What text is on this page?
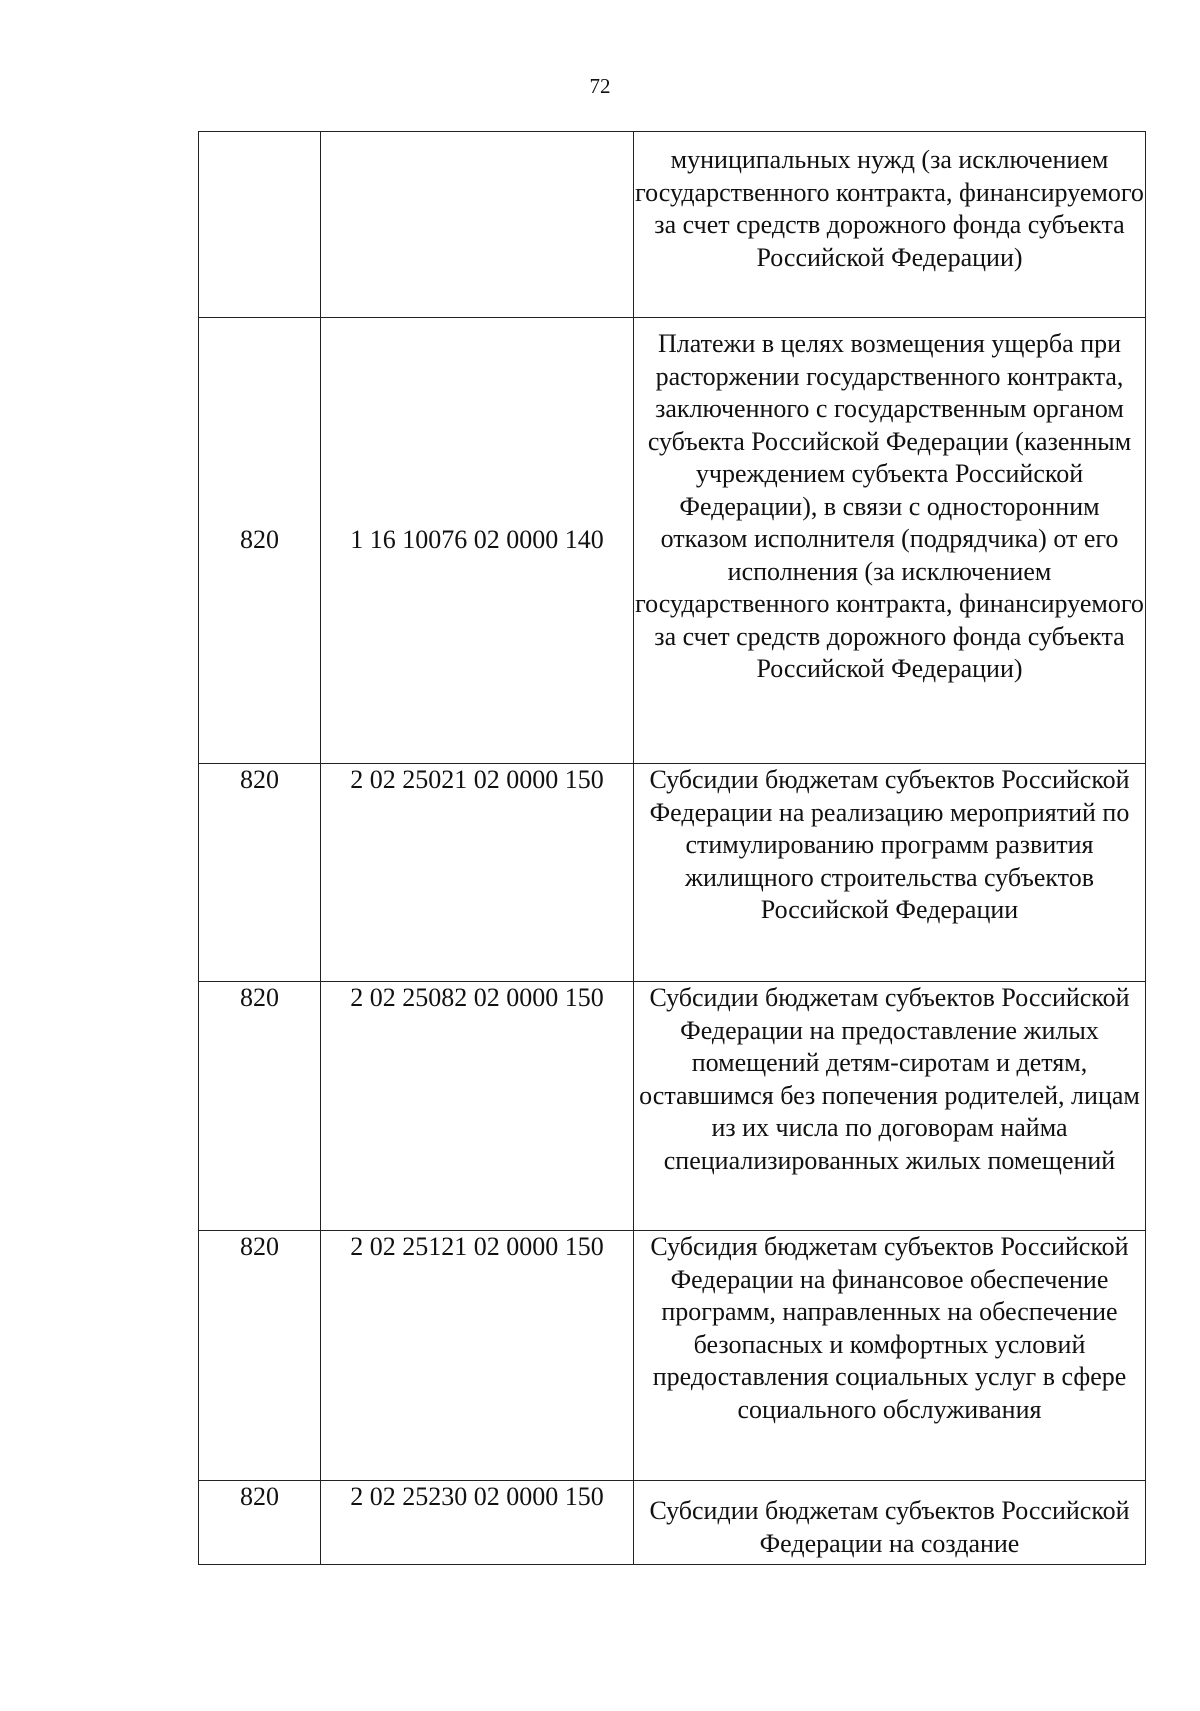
72
		муниципальных нужд (за исключением государственного контракта, финансируемого за счет средств дорожного фонда субъекта Российской Федерации)
820	1 16 10076 02 0000 140	Платежи в целях возмещения ущерба при расторжении государственного контракта, заключенного с государственным органом субъекта Российской Федерации (казенным учреждением субъекта Российской Федерации), в связи с односторонним отказом исполнителя (подрядчика) от его исполнения (за исключением государственного контракта, финансируемого за счет средств дорожного фонда субъекта Российской Федерации)
820	2 02 25021 02 0000 150	Субсидии бюджетам субъектов Российской Федерации на реализацию мероприятий по стимулированию программ развития жилищного строительства субъектов Российской Федерации
820	2 02 25082 02 0000 150	Субсидии бюджетам субъектов Российской Федерации на предоставление жилых помещений детям-сиротам и детям, оставшимся без попечения родителей, лицам из их числа по договорам найма специализированных жилых помещений
820	2 02 25121 02 0000 150	Субсидия бюджетам субъектов Российской Федерации на финансовое обеспечение программ, направленных на обеспечение безопасных и комфортных условий предоставления социальных услуг в сфере социального обслуживания
820	2 02 25230 02 0000 150	Субсидии бюджетам субъектов Российской Федерации на создание
